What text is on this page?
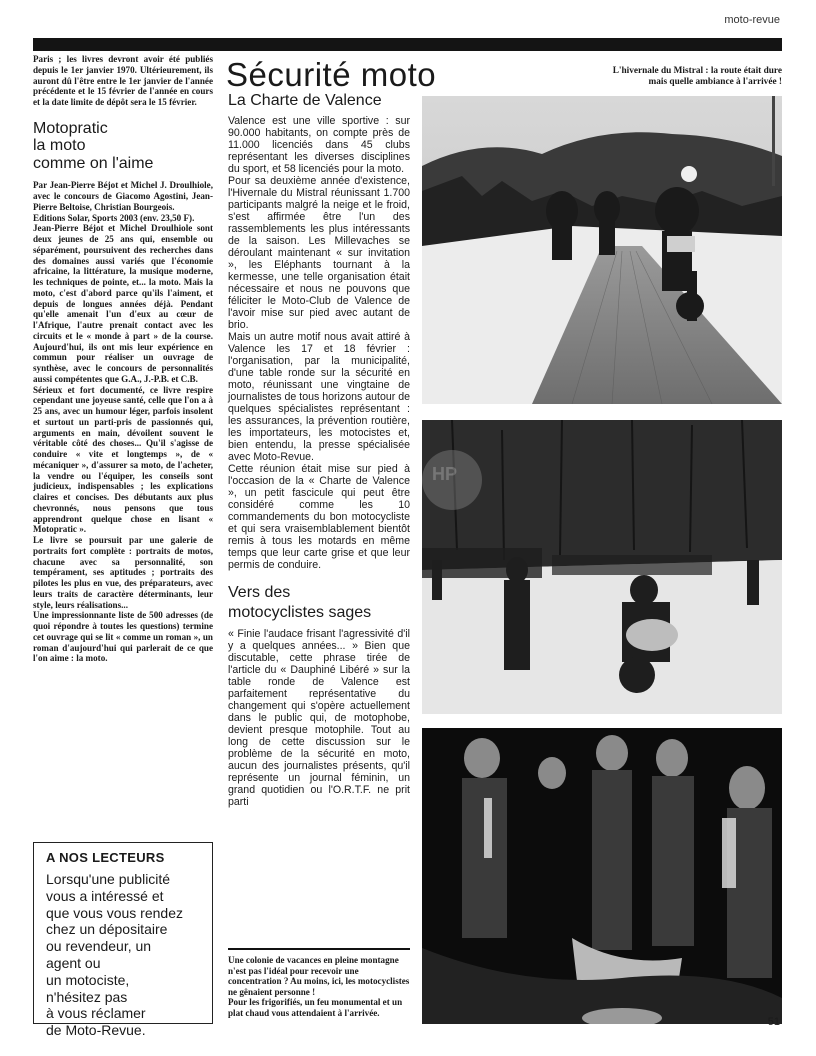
moto-revue

Paris ; les livres devront avoir été publiés depuis le 1er janvier 1970. Ultérieurement, ils auront dû l'être entre le 1er janvier de l'année précédente et le 15 février de l'année en cours et la date limite de dépôt sera le 15 février.

Motopratic
la moto
comme on l'aime

Par Jean-Pierre Béjot et Michel J. Droulhiole, avec le concours de Giacomo Agostini, Jean-Pierre Beltoise, Christian Bourgeois.

Editions Solar, Sports 2003 (env. 23,50 F).

Jean-Pierre Béjot et Michel Droulhiole sont deux jeunes de 25 ans qui, ensemble ou séparément, poursuivent des recherches dans des domaines aussi variés que l'économie africaine, la littérature, la musique moderne, les techniques de pointe, et... la moto. Mais la moto, c'est d'abord parce qu'ils l'aiment, et depuis de longues années déjà. Pendant qu'elle amenait l'un d'eux au cœur de l'Afrique, l'autre prenait contact avec les circuits et le « monde à part » de la course. Aujourd'hui, ils ont mis leur expérience en commun pour réaliser un ouvrage de synthèse, avec le concours de personnalités aussi compétentes que G.A., J.-P.B. et C.B.

Sérieux et fort documenté, ce livre respire cependant une joyeuse santé, celle que l'on a à 25 ans, avec un humour léger, parfois insolent et surtout un parti-pris de passionnés qui, arguments en main, dévoilent souvent le véritable côté des choses... Qu'il s'agisse de conduire « vite et longtemps », de « mécaniquer », d'assurer sa moto, de l'acheter, la vendre ou l'équiper, les conseils sont judicieux, indispensables ; les explications claires et concises. Des débutants aux plus chevronnés, nous pensons que tous apprendront quelque chose en lisant « Motopratic ».

Le livre se poursuit par une galerie de portraits fort complète : portraits de motos, chacune avec sa personnalité, son tempérament, ses aptitudes ; portraits des pilotes les plus en vue, des préparateurs, avec leurs traits de caractère déterminants, leur style, leurs réalisations...

Une impressionnante liste de 500 adresses (de quoi répondre à toutes les questions) termine cet ouvrage qui se lit « comme un roman », un roman d'aujourd'hui qui parlerait de ce que l'on aime : la moto.

A NOS LECTEURS

Lorsqu'une publicité
vous a intéressé et
que vous vous rendez
chez un dépositaire
ou revendeur, un
agent ou
un motociste,
n'hésitez pas
à vous réclamer
de Moto-Revue.

Sécurité moto
La Charte de Valence

Valence est une ville sportive : sur 90.000 habitants, on compte près de 11.000 licenciés dans 45 clubs représentant les diverses disciplines du sport, et 58 licenciés pour la moto.

Pour sa deuxième année d'existence, l'Hivernale du Mistral réunissant 1.700 participants malgré la neige et le froid, s'est affirmée être l'un des rassemblements les plus intéressants de la saison. Les Millevaches se déroulant maintenant « sur invitation », les Eléphants tournant à la kermesse, une telle organisation était nécessaire et nous ne pouvons que féliciter le Moto-Club de Valence de l'avoir mise sur pied avec autant de brio.

Mais un autre motif nous avait attiré à Valence les 17 et 18 février : l'organisation, par la municipalité, d'une table ronde sur la sécurité en moto, réunissant une vingtaine de journalistes de tous horizons autour de quelques spécialistes représentant : les assurances, la prévention routière, les importateurs, les motocistes et, bien entendu, la presse spécialisée avec Moto-Revue.

Cette réunion était mise sur pied à l'occasion de la « Charte de Valence », un petit fascicule qui peut être considéré comme les 10 commandements du bon motocycliste et qui sera vraisemblablement bientôt remis à tous les motards en même temps que leur carte grise et que leur permis de conduire.

Vers des
motocyclistes sages

« Finie l'audace frisant l'agressivité d'il y a quelques années... » Bien que discutable, cette phrase tirée de l'article du « Dauphiné Libéré » sur la table ronde de Valence est parfaitement représentative du changement qui s'opère actuellement dans le public qui, de motophobe, devient presque motophile. Tout au long de cette discussion sur le problème de la sécurité en moto, aucun des journalistes présents, qu'il représente un journal féminin, un grand quotidien ou l'O.R.T.F. ne prit parti

Une colonie de vacances en pleine montagne n'est pas l'idéal pour recevoir une concentration ? Au moins, ici, les motocyclistes ne gênaient personne !

Pour les frigorifiés, un feu monumental et un plat chaud vous attendaient à l'arrivée.

L'hivernale du Mistral : la route était dure
mais quelle ambiance à l'arrivée !
HP
51
